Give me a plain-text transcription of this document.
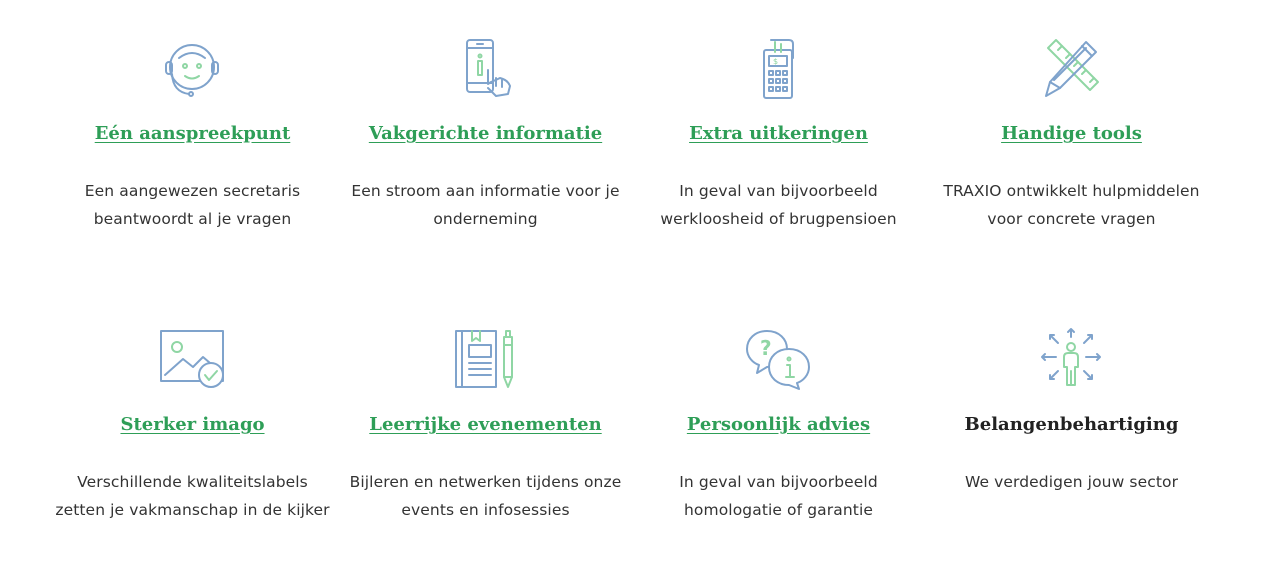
Eén aanspreekpunt
Een aangewezen secretaris
beantwoordt al je vragen
Vakgerichte informatie
Een stroom aan informatie voor je
onderneming
$
Extra uitkeringen
In geval van bijvoorbeeld
werkloosheid of brugpensioen
Handige tools
TRAXIO ontwikkelt hulpmiddelen
voor concrete vragen
Sterker imago
Verschillende kwaliteitslabels
zetten je vakmanschap in de kijker
Leerrijke evenementen
Bijleren en netwerken tijdens onze
events en infosessies
?
Persoonlijk advies
In geval van bijvoorbeeld
homologatie of garantie
Belangenbehartiging
We verdedigen jouw sector
